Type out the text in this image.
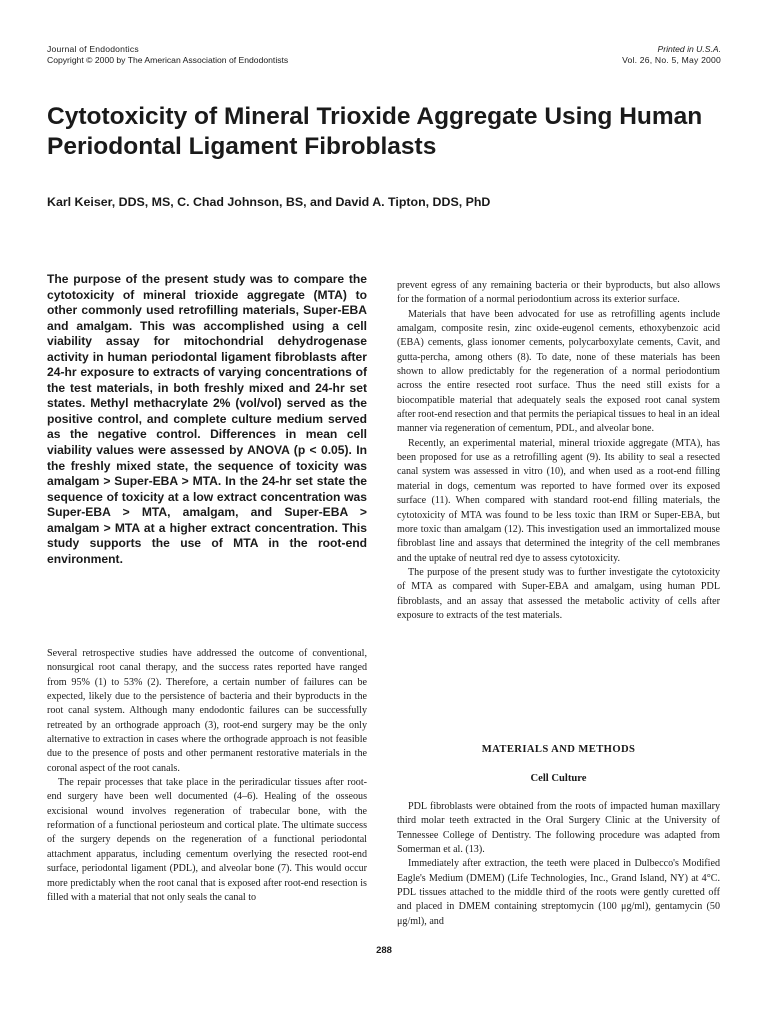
Journal of Endodontics
Copyright © 2000 by The American Association of Endodontists
Printed in U.S.A.
Vol. 26, No. 5, May 2000
Cytotoxicity of Mineral Trioxide Aggregate Using Human Periodontal Ligament Fibroblasts
Karl Keiser, DDS, MS, C. Chad Johnson, BS, and David A. Tipton, DDS, PhD

The purpose of the present study was to compare the cytotoxicity of mineral trioxide aggregate (MTA) to other commonly used retrofilling materials, Super-EBA and amalgam. This was accomplished using a cell viability assay for mitochondrial dehydrogenase activity in human periodontal ligament fibroblasts after 24-hr exposure to extracts of varying concentrations of the test materials, in both freshly mixed and 24-hr set states. Methyl methacrylate 2% (vol/vol) served as the positive control, and complete culture medium served as the negative control. Differences in mean cell viability values were assessed by ANOVA (p < 0.05). In the freshly mixed state, the sequence of toxicity was amalgam > Super-EBA > MTA. In the 24-hr set state the sequence of toxicity at a low extract concentration was Super-EBA > MTA, amalgam, and Super-EBA > amalgam > MTA at a higher extract concentration. This study supports the use of MTA in the root-end environment.

Several retrospective studies have addressed the outcome of conventional, nonsurgical root canal therapy, and the success rates reported have ranged from 95% (1) to 53% (2). Therefore, a certain number of failures can be expected, likely due to the persistence of bacteria and their byproducts in the root canal system. Although many endodontic failures can be successfully retreated by an orthograde approach (3), root-end surgery may be the only alternative to extraction in cases where the orthograde approach is not feasible due to the presence of posts and other permanent restorative materials in the coronal aspect of the root canals.

The repair processes that take place in the periradicular tissues after root-end surgery have been well documented (4–6). Healing of the osseous excisional wound involves regeneration of trabecular bone, with the reformation of a functional periosteum and cortical plate. The ultimate success of the surgery depends on the regeneration of a functional periodontal attachment apparatus, including cementum overlying the resected root-end surface, periodontal ligament (PDL), and alveolar bone (7). This would occur more predictably when the root canal that is exposed after root-end resection is filled with a material that not only seals the canal to

prevent egress of any remaining bacteria or their byproducts, but also allows for the formation of a normal periodontium across its exterior surface.

Materials that have been advocated for use as retrofilling agents include amalgam, composite resin, zinc oxide-eugenol cements, ethoxybenzoic acid (EBA) cements, glass ionomer cements, polycarboxylate cements, Cavit, and gutta-percha, among others (8). To date, none of these materials has been shown to allow predictably for the regeneration of a normal periodontium across the entire resected root surface. Thus the need still exists for a biocompatible material that adequately seals the exposed root canal system after root-end resection and that permits the periapical tissues to heal in an ideal manner via regeneration of cementum, PDL, and alveolar bone.

Recently, an experimental material, mineral trioxide aggregate (MTA), has been proposed for use as a retrofilling agent (9). Its ability to seal a resected canal system was assessed in vitro (10), and when used as a root-end filling material in dogs, cementum was reported to have formed over its exposed surface (11). When compared with standard root-end filling materials, the cytotoxicity of MTA was found to be less toxic than IRM or Super-EBA, but more toxic than amalgam (12). This investigation used an immortalized mouse fibroblast line and assays that determined the integrity of the cell membranes and the uptake of neutral red dye to assess cytotoxicity.

The purpose of the present study was to further investigate the cytotoxicity of MTA as compared with Super-EBA and amalgam, using human PDL fibroblasts, and an assay that assessed the metabolic activity of cells after exposure to extracts of the test materials.

MATERIALS AND METHODS
Cell Culture

PDL fibroblasts were obtained from the roots of impacted human maxillary third molar teeth extracted in the Oral Surgery Clinic at the University of Tennessee College of Dentistry. The following procedure was adapted from Somerman et al. (13).

Immediately after extraction, the teeth were placed in Dulbecco's Modified Eagle's Medium (DMEM) (Life Technologies, Inc., Grand Island, NY) at 4°C. PDL tissues attached to the middle third of the roots were gently curetted off and placed in DMEM containing streptomycin (100 μg/ml), gentamycin (50 μg/ml), and

288
